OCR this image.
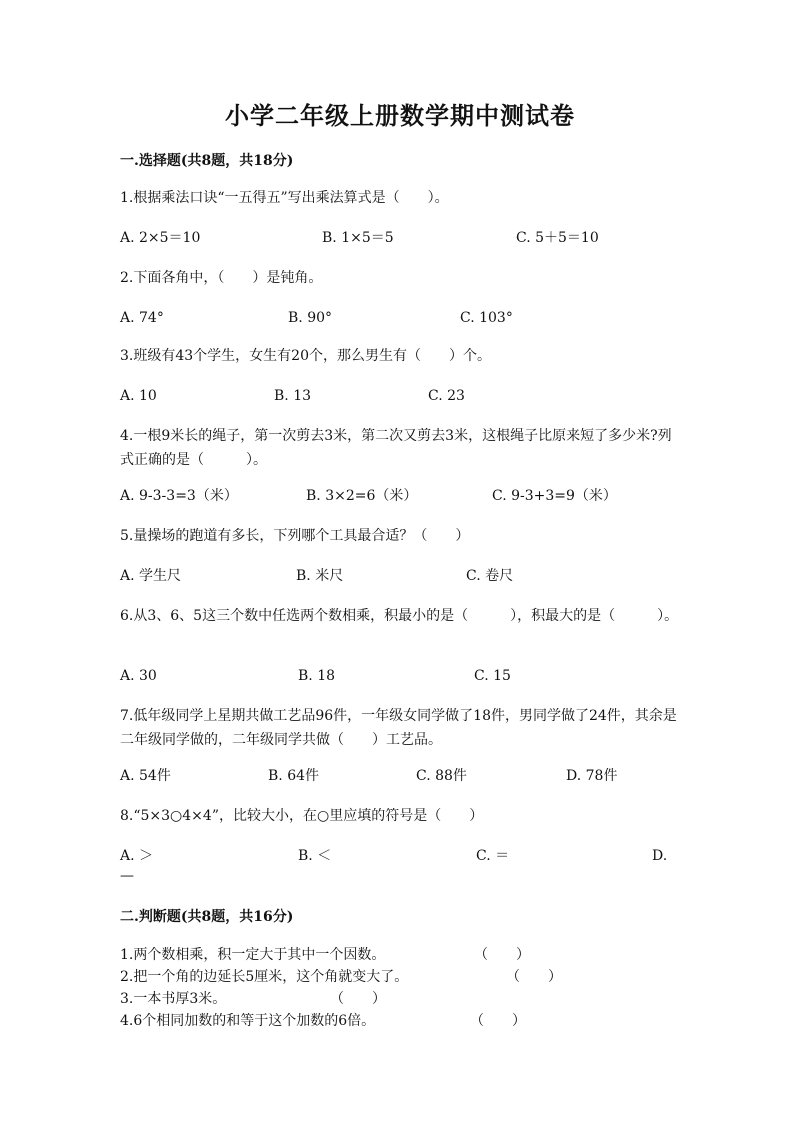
小学二年级上册数学期中测试卷
一.选择题(共8题，共18分)
1.根据乘法口诀“一五得五”写出乘法算式是（　　）。
A. 2×5＝10	B. 1×5＝5	C. 5＋5＝10
2.下面各角中，（　　）是钝角。
A. 74°	B. 90°	C. 103°
3.班级有43个学生，女生有20个，那么男生有（　　）个。
A. 10	B. 13	C. 23
4.一根9米长的绳子，第一次剪去3米，第二次又剪去3米，这根绳子比原来短了多少米?列式正确的是（　　　）。
A. 9-3-3=3（米）	B. 3×2=6（米）	C. 9-3+3=9（米）
5.量操场的跑道有多长，下列哪个工具最合适？（　　）
A. 学生尺	B. 米尺	C. 卷尺
6.从3、6、5这三个数中任选两个数相乘，积最小的是（　　　），积最大的是（　　　）。
A. 30	B. 18	C. 15
7.低年级同学上星期共做工艺品96件，一年级女同学做了18件，男同学做了24件，其余是二年级同学做的，二年级同学共做（　　）工艺品。
A. 54件	B. 64件	C. 88件	D. 78件
8.“5×3○4×4”，比较大小，在○里应填的符号是（　　）
A. ＞	B. ＜	C. ＝	D.
—
二.判断题(共8题，共16分)
1.两个数相乘，积一定大于其中一个因数。	（　　）
2.把一个角的边延长5厘米，这个角就变大了。	（　　）
3.一本书厚3米。	（　　）
4.6个相同加数的和等于这个加数的6倍。	（　　）
